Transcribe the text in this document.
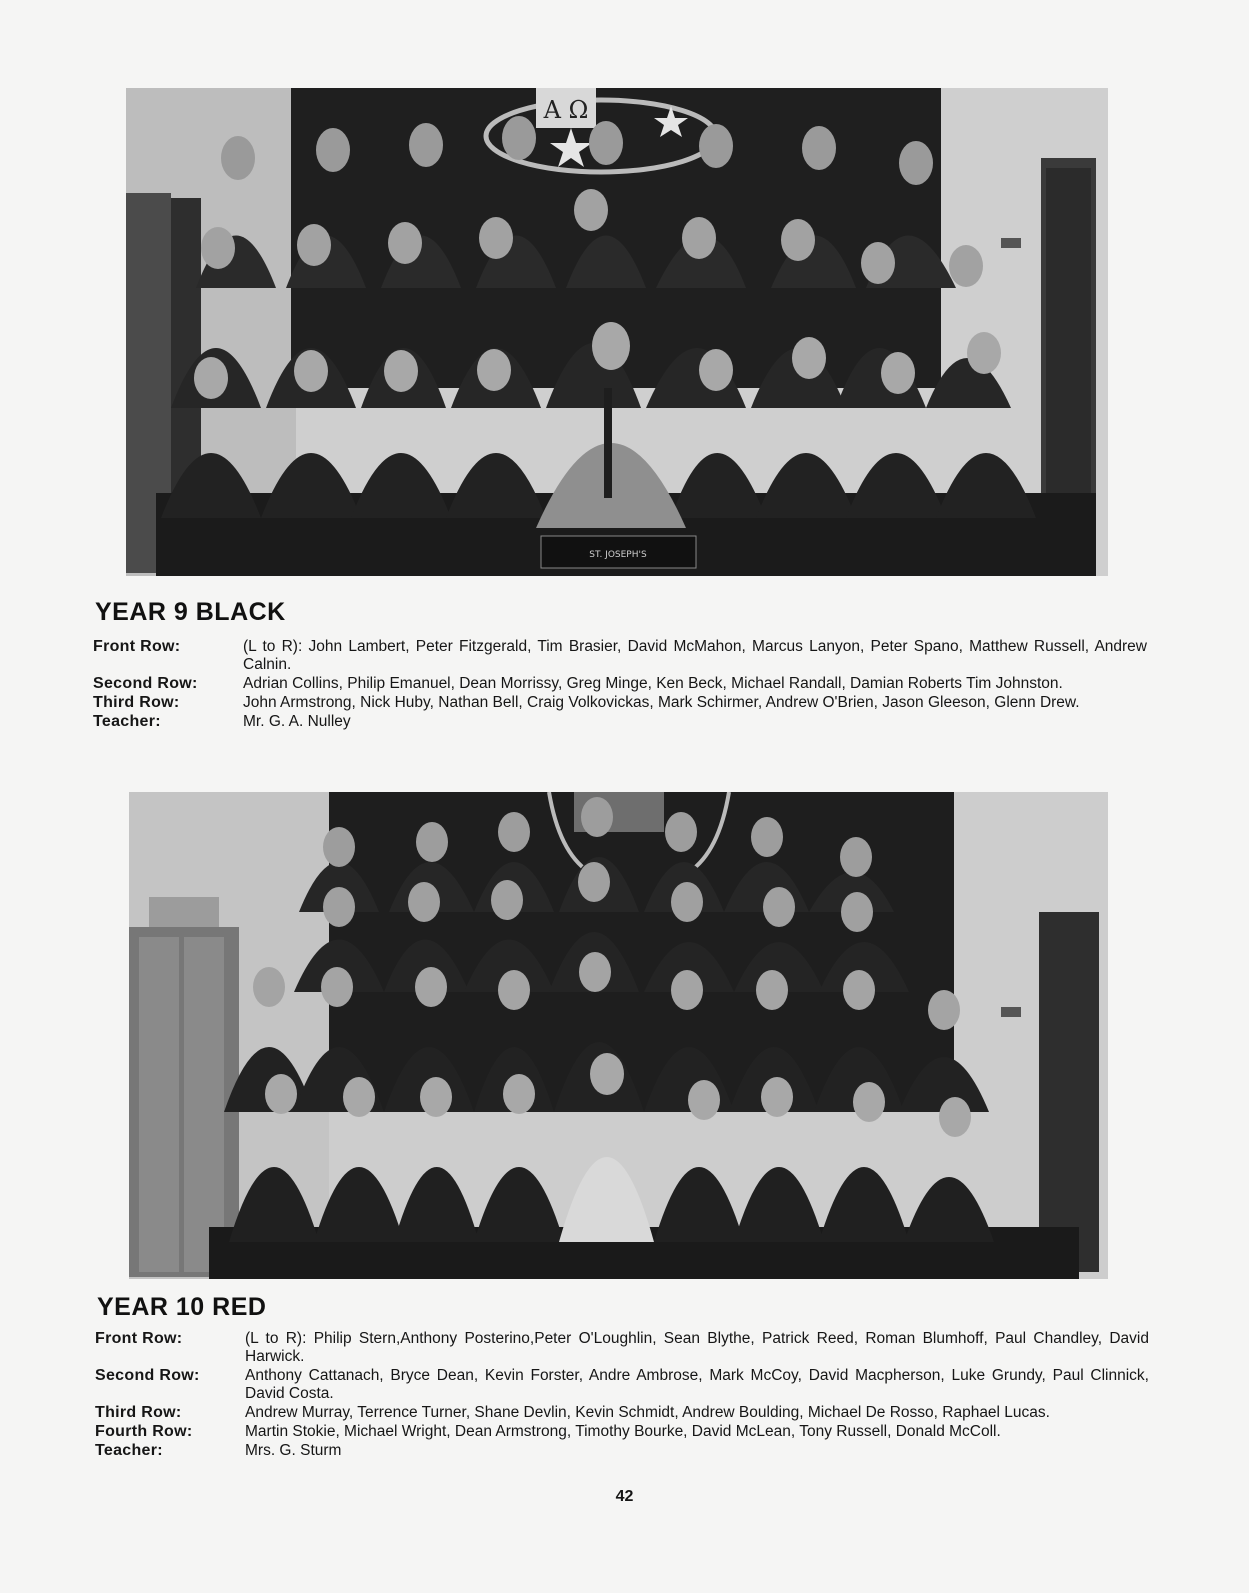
Α Ω
ST. JOSEPH'S
YEAR 9 BLACK
Front Row:	(L to R): John Lambert, Peter Fitzgerald, Tim Brasier, David McMahon, Marcus Lanyon, Peter Spano, Matthew Russell, Andrew Calnin.
Second Row:	Adrian Collins, Philip Emanuel, Dean Morrissy, Greg Minge, Ken Beck, Michael Randall, Damian Roberts Tim Johnston.
Third Row:	John Armstrong, Nick Huby, Nathan Bell, Craig Volkovickas, Mark Schirmer, Andrew O'Brien, Jason Gleeson, Glenn Drew.
Teacher:	Mr. G. A. Nulley
YEAR 10 RED
Front Row:	(L to R): Philip Stern,Anthony Posterino,Peter O'Loughlin, Sean Blythe, Patrick Reed, Roman Blumhoff, Paul Chandley, David Harwick.
Second Row:	Anthony Cattanach, Bryce Dean, Kevin Forster, Andre Ambrose, Mark McCoy, David Macpherson, Luke Grundy, Paul Clinnick, David Costa.
Third Row:	Andrew Murray, Terrence Turner, Shane Devlin, Kevin Schmidt, Andrew Boulding, Michael De Rosso, Raphael Lucas.
Fourth Row:	Martin Stokie, Michael Wright, Dean Armstrong, Timothy Bourke, David McLean, Tony Russell, Donald McColl.
Teacher:	Mrs. G. Sturm
42
